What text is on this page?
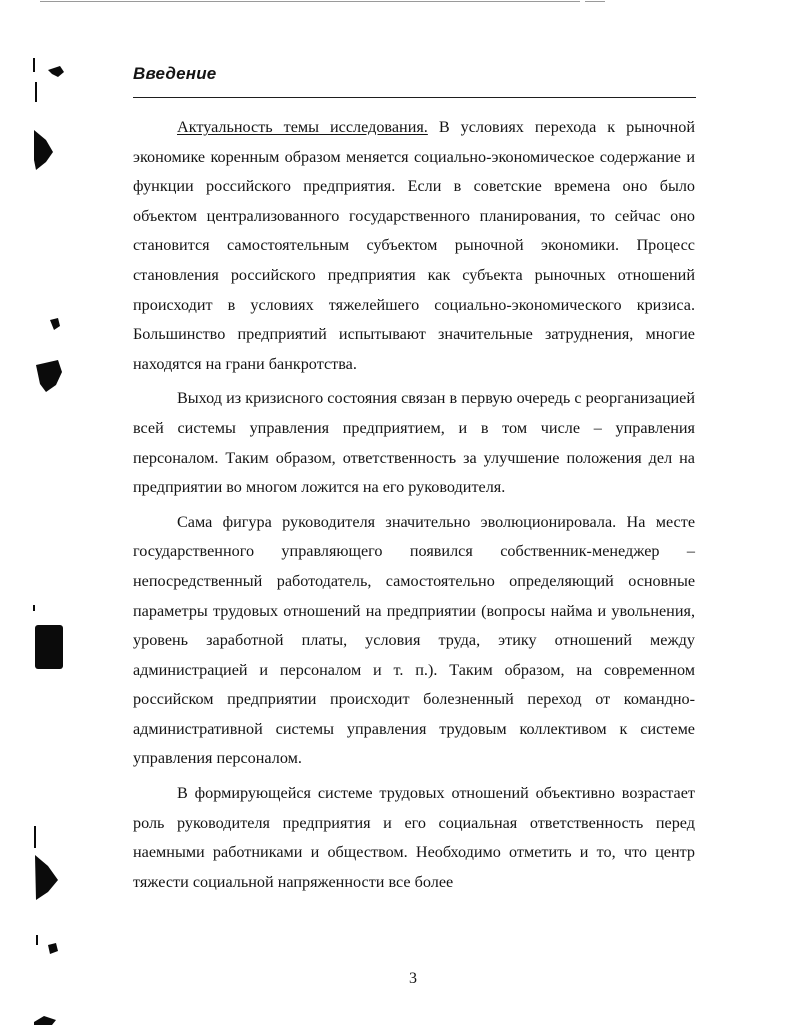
Введение

Актуальность темы исследования. В условиях перехода к рыночной экономике коренным образом меняется социально-экономическое содержание и функции российского предприятия. Если в советские времена оно было объектом централизованного государственного планирования, то сейчас оно становится самостоятельным субъектом рыночной экономики. Процесс становления российского предприятия как субъекта рыночных отношений происходит в условиях тяжелейшего социально-экономического кризиса. Большинство предприятий испытывают значительные затруднения, многие находятся на грани банкротства.

Выход из кризисного состояния связан в первую очередь с реорганизацией всей системы управления предприятием, и в том числе – управления персоналом. Таким образом, ответственность за улучшение положения дел на предприятии во многом ложится на его руководителя.

Сама фигура руководителя значительно эволюционировала. На месте государственного управляющего появился собственник-менеджер – непосредственный работодатель, самостоятельно определяющий основные параметры трудовых отношений на предприятии (вопросы найма и увольнения, уровень заработной платы, условия труда, этику отношений между администрацией и персоналом и т. п.). Таким образом, на современном российском предприятии происходит болезненный переход от командно-административной системы управления трудовым коллективом к системе управления персоналом.

В формирующейся системе трудовых отношений объективно возрастает роль руководителя предприятия и его социальная ответственность перед наемными работниками и обществом. Необходимо отметить и то, что центр тяжести социальной напряженности все более

3
